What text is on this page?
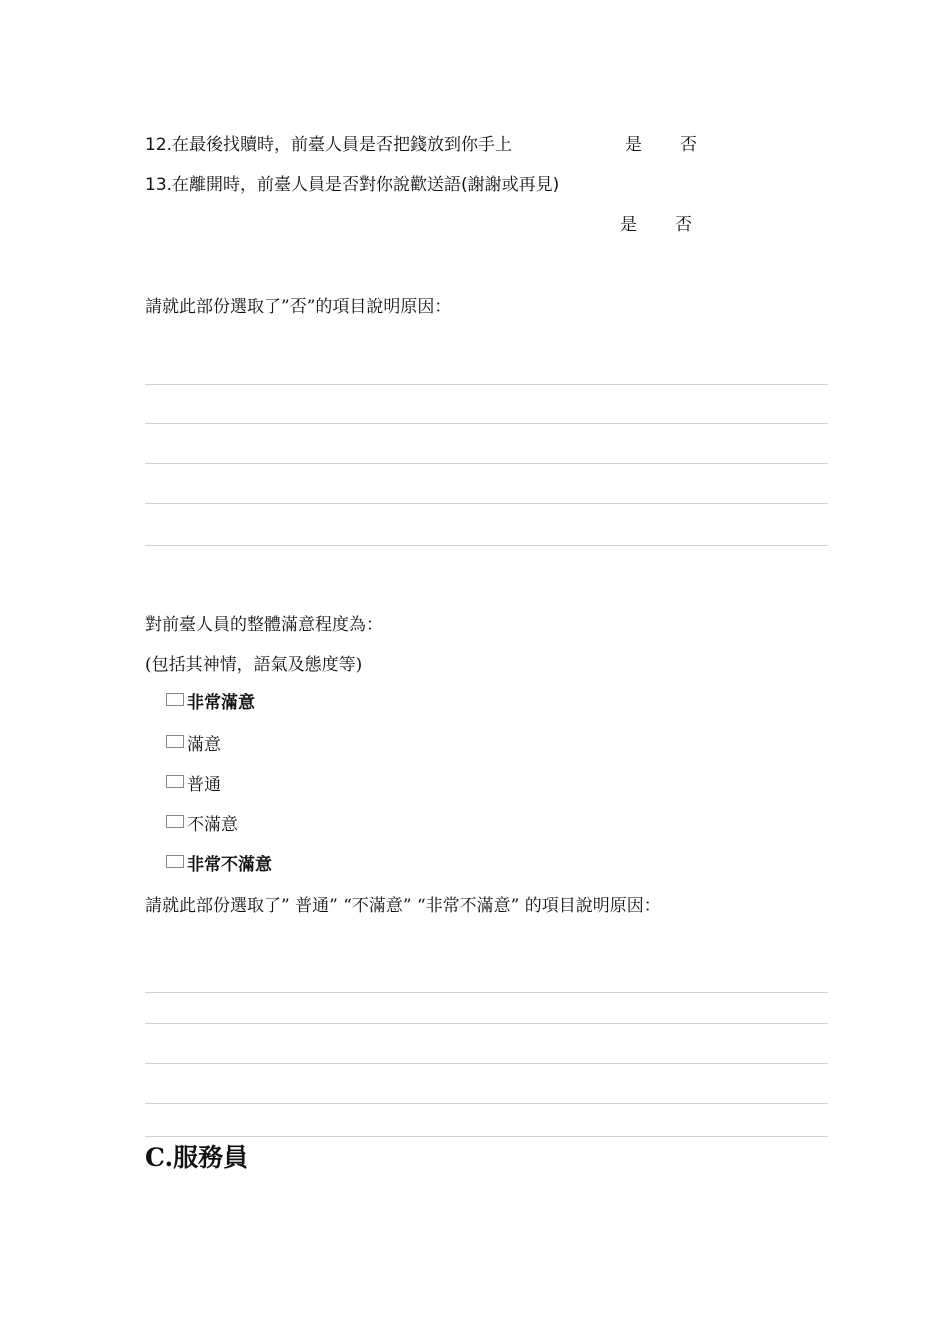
12.在最後找贖時，前臺人員是否把錢放到你手上	是 否
13.在離開時，前臺人員是否對你說歡送語(謝謝或再見)
是 否
請就此部份選取了”否”的項目說明原因：
對前臺人員的整體滿意程度為：
(包括其神情，語氣及態度等)
非常滿意
滿意
普通
不滿意
非常不滿意
請就此部份選取了” 普通” “不滿意” “非常不滿意” 的項目說明原因：
C.服務員
